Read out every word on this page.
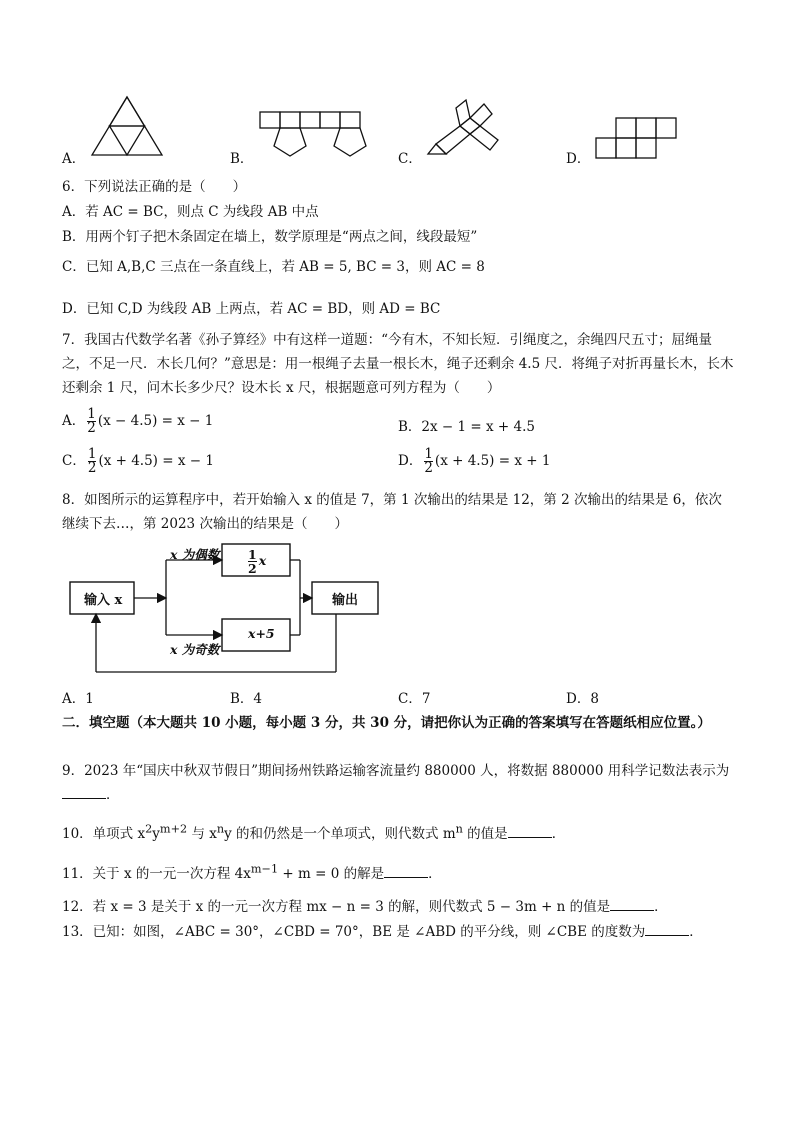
A．	B．	C．	D．
6．下列说法正确的是（　　）
A．若 AC = BC，则点 C 为线段 AB 中点
B．用两个钉子把木条固定在墙上，数学原理是“两点之间，线段最短”
C．已知 A,B,C 三点在一条直线上，若 AB = 5, BC = 3，则 AC = 8
D．已知 C,D 为线段 AB 上两点，若 AC = BD，则 AD = BC
7．我国古代数学名著《孙子算经》中有这样一道题：“今有木，不知长短．引绳度之，余绳四尺五寸；屈绳量之，不足一尺．木长几何？”意思是：用一根绳子去量一根长木，绳子还剩余 4.5 尺．将绳子对折再量长木，长木还剩余 1 尺，问木长多少尺？设木长 x 尺，根据题意可列方程为（　　）
A． $\frac{1}{2} (x - 4.5) = x - 1$	B．2x − 1 = x + 4.5
C． $\frac{1}{2} (x + 4.5) = x - 1$	D． $\frac{1}{2} (x + 4.5) = x + 1$
8．如图所示的运算程序中，若开始输入 x 的值是 7，第 1 次输出的结果是 12，第 2 次输出的结果是 6，依次继续下去…，第 2023 次输出的结果是（　　）
输入 x
x 为偶数
x 为奇数
$\frac{1}{2}$ x
x+5
输出
A．1	B．4	C．7	D．8
二．填空题（本大题共 10 小题，每小题 3 分，共 30 分，请把你认为正确的答案填写在答题纸相应位置。）
9．2023 年“国庆中秋双节假日”期间扬州铁路运输客流量约 880000 人，将数据 880000 用科学记数法表示为
．
10．单项式 $x^2y^{m+2}$ 与 $x^ny$ 的和仍然是一个单项式，则代数式 $m^n$ 的值是	．
11．关于 x 的一元一次方程 $4x^{m-1} + m = 0$ 的解是	．
12．若 x = 3 是关于 x 的一元一次方程 mx − n = 3 的解，则代数式 5 − 3m + n 的值是	．
13．已知：如图，∠ABC = 30°，∠CBD = 70°，BE 是 ∠ABD 的平分线，则 ∠CBE 的度数为	．
